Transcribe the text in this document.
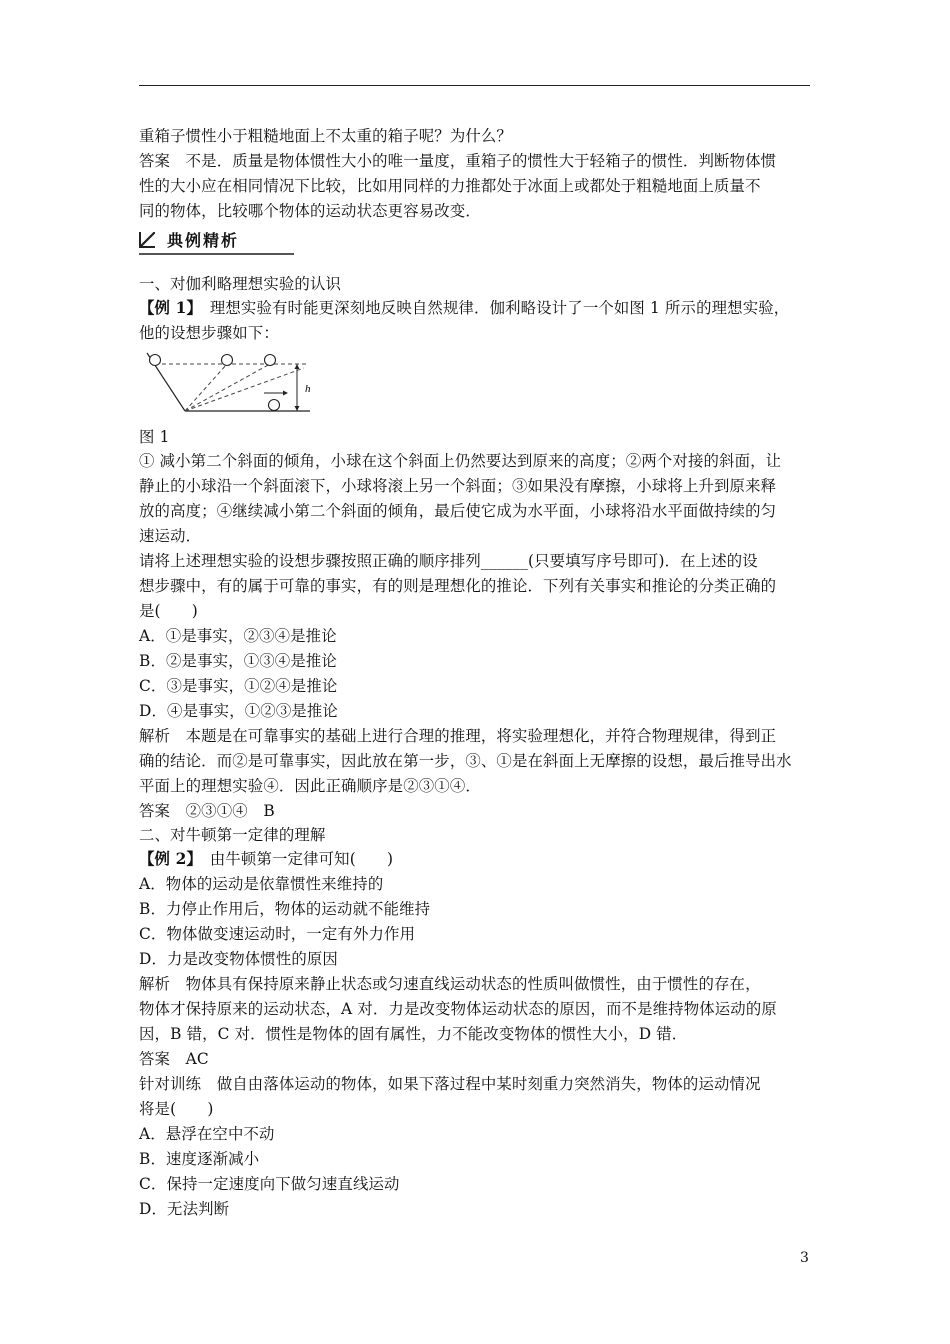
重箱子惯性小于粗糙地面上不太重的箱子呢？为什么？
答案　不是．质量是物体惯性大小的唯一量度，重箱子的惯性大于轻箱子的惯性．判断物体惯
性的大小应在相同情况下比较，比如用同样的力推都处于冰面上或都处于粗糙地面上质量不
同的物体，比较哪个物体的运动状态更容易改变．
典例精析
一、对伽利略理想实验的认识
【例 1】　理想实验有时能更深刻地反映自然规律．伽利略设计了一个如图 1 所示的理想实验，
他的设想步骤如下：
h
图 1
① 减小第二个斜面的倾角，小球在这个斜面上仍然要达到原来的高度；②两个对接的斜面，让
静止的小球沿一个斜面滚下，小球将滚上另一个斜面；③如果没有摩擦，小球将上升到原来释
放的高度；④继续减小第二个斜面的倾角，最后使它成为水平面，小球将沿水平面做持续的匀
速运动．
请将上述理想实验的设想步骤按照正确的顺序排列______(只要填写序号即可)．在上述的设
想步骤中，有的属于可靠的事实，有的则是理想化的推论．下列有关事实和推论的分类正确的
是(　　)
A．①是事实，②③④是推论
B．②是事实，①③④是推论
C．③是事实，①②④是推论
D．④是事实，①②③是推论
解析　本题是在可靠事实的基础上进行合理的推理，将实验理想化，并符合物理规律，得到正
确的结论．而②是可靠事实，因此放在第一步，③、①是在斜面上无摩擦的设想，最后推导出水
平面上的理想实验④．因此正确顺序是②③①④．
答案　②③①④　B
二、对牛顿第一定律的理解
【例 2】　由牛顿第一定律可知(　　)
A．物体的运动是依靠惯性来维持的
B．力停止作用后，物体的运动就不能维持
C．物体做变速运动时，一定有外力作用
D．力是改变物体惯性的原因
解析　物体具有保持原来静止状态或匀速直线运动状态的性质叫做惯性，由于惯性的存在，
物体才保持原来的运动状态，A 对．力是改变物体运动状态的原因，而不是维持物体运动的原
因，B 错，C 对．惯性是物体的固有属性，力不能改变物体的惯性大小，D 错．
答案　AC
针对训练　做自由落体运动的物体，如果下落过程中某时刻重力突然消失，物体的运动情况
将是(　　)
A．悬浮在空中不动
B．速度逐渐减小
C．保持一定速度向下做匀速直线运动
D．无法判断
3
